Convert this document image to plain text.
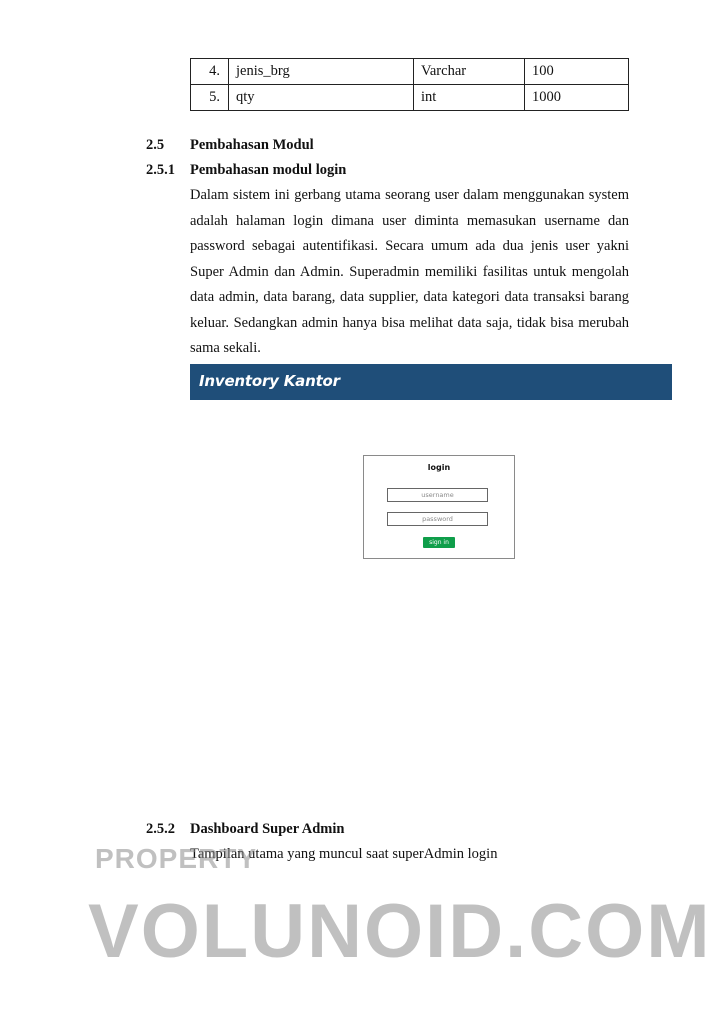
4.	jenis_brg	Varchar	100
5.	qty	int	1000
2.5 Pembahasan Modul
2.5.1 Pembahasan modul login
Dalam sistem ini gerbang utama seorang user dalam menggunakan system adalah halaman login dimana user diminta memasukan username dan password sebagai autentifikasi. Secara umum ada dua jenis user yakni Super Admin dan Admin. Superadmin memiliki fasilitas untuk mengolah data admin, data barang, data supplier, data kategori data transaksi barang keluar. Sedangkan admin hanya bisa melihat data saja, tidak bisa merubah sama sekali.
Inventory Kantor
login
username
sign in
2.5.2 Dashboard Super Admin
Tampilan utama yang muncul saat superAdmin login
PROPERTY
VOLUNOID.COM
